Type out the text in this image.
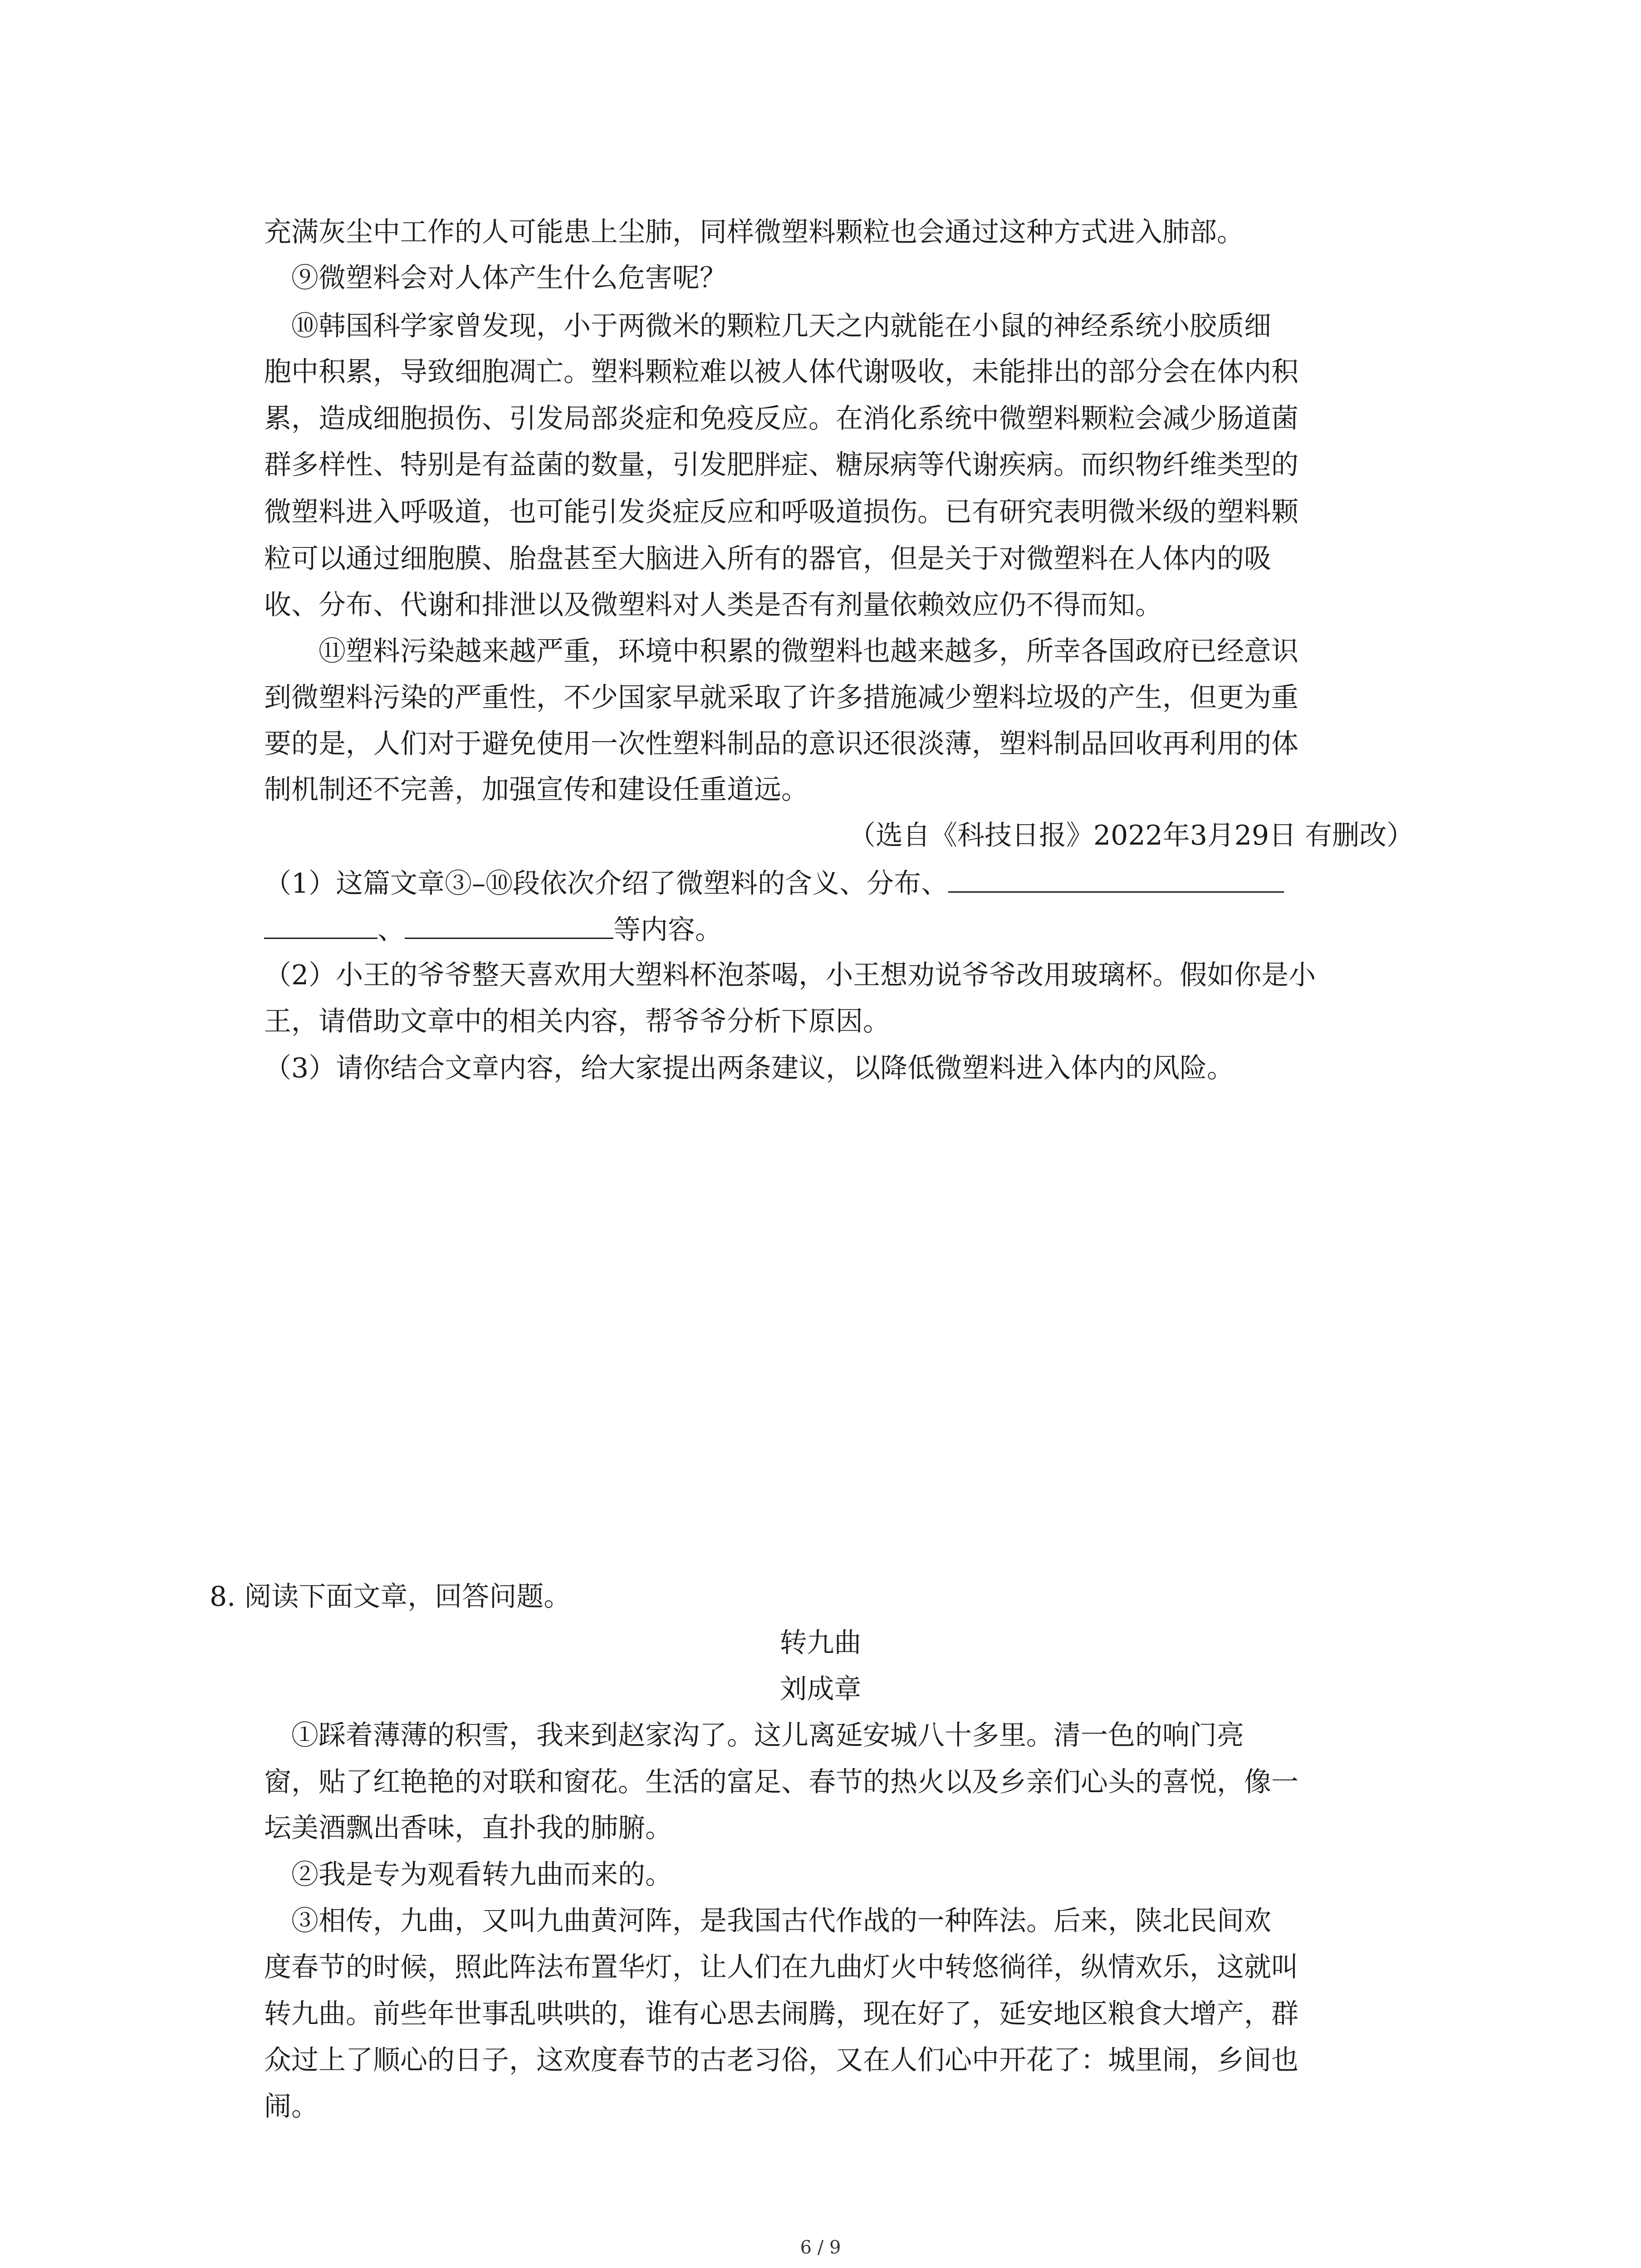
充满灰尘中工作的人可能患上尘肺，同样微塑料颗粒也会通过这种方式进入肺部。
⑨微塑料会对人体产生什么危害呢？
⑩韩国科学家曾发现，小于两微米的颗粒几天之内就能在小鼠的神经系统小胶质细
胞中积累，导致细胞凋亡。塑料颗粒难以被人体代谢吸收，未能排出的部分会在体内积
累，造成细胞损伤、引发局部炎症和免疫反应。在消化系统中微塑料颗粒会减少肠道菌
群多样性、特别是有益菌的数量，引发肥胖症、糖尿病等代谢疾病。而织物纤维类型的
微塑料进入呼吸道，也可能引发炎症反应和呼吸道损伤。已有研究表明微米级的塑料颗
粒可以通过细胞膜、胎盘甚至大脑进入所有的器官，但是关于对微塑料在人体内的吸
收、分布、代谢和排泄以及微塑料对人类是否有剂量依赖效应仍不得而知。
⑪塑料污染越来越严重，环境中积累的微塑料也越来越多，所幸各国政府已经意识
到微塑料污染的严重性，不少国家早就采取了许多措施减少塑料垃圾的产生，但更为重
要的是，人们对于避免使用一次性塑料制品的意识还很淡薄，塑料制品回收再利用的体
制机制还不完善，加强宣传和建设任重道远。
（选自《科技日报》2022年3月29日 有删改）
（1）这篇文章③–⑩段依次介绍了微塑料的含义、分布、
、	等内容。
（2）小王的爷爷整天喜欢用大塑料杯泡茶喝，小王想劝说爷爷改用玻璃杯。假如你是小
王，请借助文章中的相关内容，帮爷爷分析下原因。
（3）请你结合文章内容，给大家提出两条建议，以降低微塑料进入体内的风险。
8. 阅读下面文章，回答问题。
转九曲
刘成章
①踩着薄薄的积雪，我来到赵家沟了。这儿离延安城八十多里。清一色的响门亮
窗，贴了红艳艳的对联和窗花。生活的富足、春节的热火以及乡亲们心头的喜悦，像一
坛美酒飘出香味，直扑我的肺腑。
②我是专为观看转九曲而来的。
③相传，九曲，又叫九曲黄河阵，是我国古代作战的一种阵法。后来，陕北民间欢
度春节的时候，照此阵法布置华灯，让人们在九曲灯火中转悠徜徉，纵情欢乐，这就叫
转九曲。前些年世事乱哄哄的，谁有心思去闹腾，现在好了，延安地区粮食大增产，群
众过上了顺心的日子，这欢度春节的古老习俗，又在人们心中开花了：城里闹，乡间也
闹。
6 / 9
